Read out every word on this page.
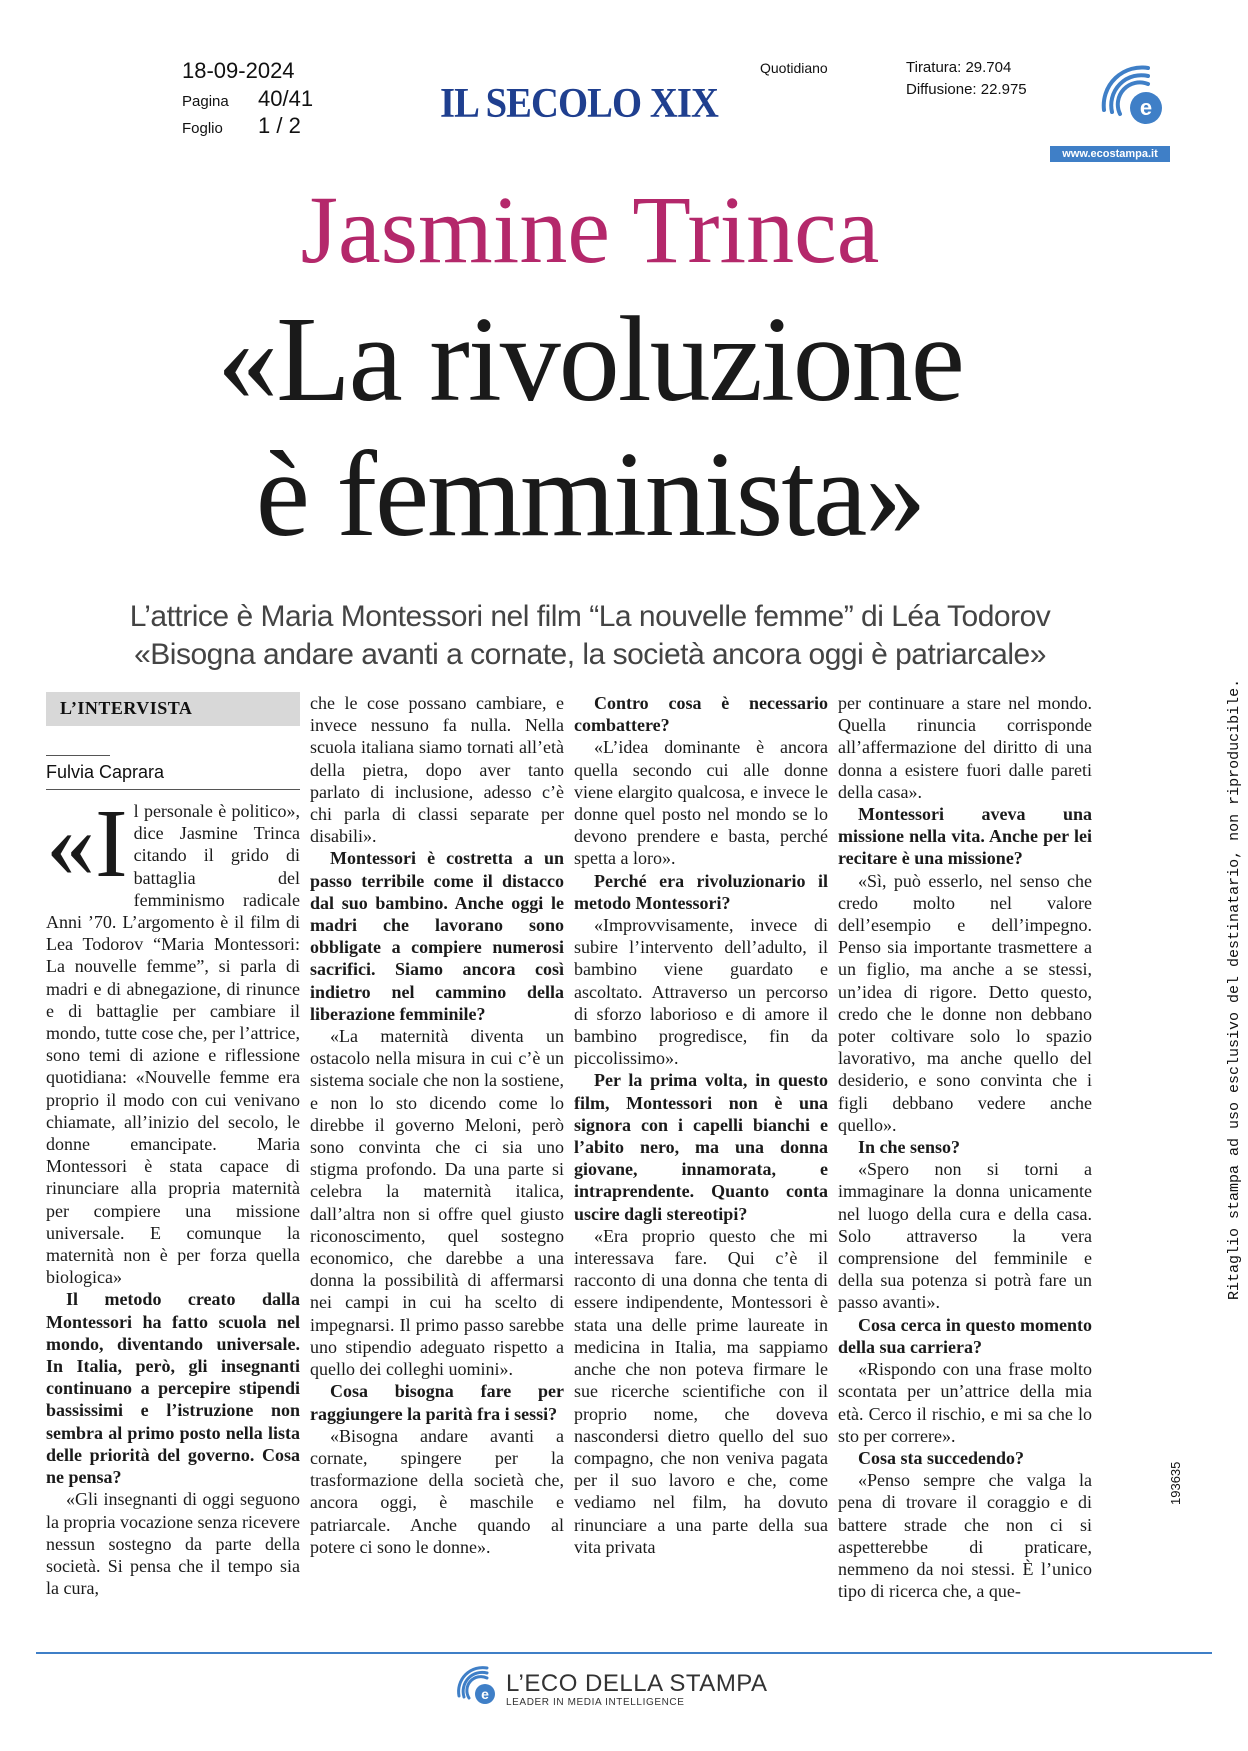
18-09-2024
Pagina 40/41
Foglio 1 / 2	IL SECOLO XIX
Quotidiano	Tiratura: 29.704
Diffusione: 22.975
e
www.ecostampa.it
Jasmine Trinca
«La rivoluzione
è femminista»
L’attrice è Maria Montessori nel film “La nouvelle femme” di Léa Todorov
«Bisogna andare avanti a cornate, la società ancora oggi è patriarcale»
L’INTERVISTA
Fulvia Caprara

«Il personale è politico», dice Jasmine Trinca citando il grido di battaglia del femminismo radicale Anni ’70. L’argomento è il film di Lea Todorov “Maria Montessori: La nouvelle femme”, si parla di madri e di abnegazione, di rinunce e di battaglie per cambiare il mondo, tutte cose che, per l’attrice, sono temi di azione e riflessione quotidiana: «Nouvelle femme era proprio il modo con cui venivano chiamate, all’inizio del secolo, le donne emancipate. Maria Montessori è stata capace di rinunciare alla propria maternità per compiere una missione universale. E comunque la maternità non è per forza quella biologica»

Il metodo creato dalla Montessori ha fatto scuola nel mondo, diventando universale. In Italia, però, gli insegnanti continuano a percepire stipendi bassissimi e l’istruzione non sembra al primo posto nella lista delle priorità del governo. Cosa ne pensa?

«Gli insegnanti di oggi seguono la propria vocazione senza ricevere nessun sostegno da parte della società. Si pensa che il tempo sia la cura,

che le cose possano cambiare, e invece nessuno fa nulla. Nella scuola italiana siamo tornati all’età della pietra, dopo aver tanto parlato di inclusione, adesso c’è chi parla di classi separate per disabili».

Montessori è costretta a un passo terribile come il distacco dal suo bambino. Anche oggi le madri che lavorano sono obbligate a compiere numerosi sacrifici. Siamo ancora così indietro nel cammino della liberazione femminile?

«La maternità diventa un ostacolo nella misura in cui c’è un sistema sociale che non la sostiene, e non lo sto dicendo come lo direbbe il governo Meloni, però sono convinta che ci sia uno stigma profondo. Da una parte si celebra la maternità italica, dall’altra non si offre quel giusto riconoscimento, quel sostegno economico, che darebbe a una donna la possibilità di affermarsi nei campi in cui ha scelto di impegnarsi. Il primo passo sarebbe uno stipendio adeguato rispetto a quello dei colleghi uomini».

Cosa bisogna fare per raggiungere la parità fra i sessi?

«Bisogna andare avanti a cornate, spingere per la trasformazione della società che, ancora oggi, è maschile e patriarcale. Anche quando al potere ci sono le donne».

Contro cosa è necessario combattere?

«L’idea dominante è ancora quella secondo cui alle donne viene elargito qualcosa, e invece le donne quel posto nel mondo se lo devono prendere e basta, perché spetta a loro».

Perché era rivoluzionario il metodo Montessori?

«Improvvisamente, invece di subire l’intervento dell’adulto, il bambino viene guardato e ascoltato. Attraverso un percorso di sforzo laborioso e di amore il bambino progredisce, fin da piccolissimo».

Per la prima volta, in questo film, Montessori non è una signora con i capelli bianchi e l’abito nero, ma una donna giovane, innamorata, e intraprendente. Quanto conta uscire dagli stereotipi?

«Era proprio questo che mi interessava fare. Qui c’è il racconto di una donna che tenta di essere indipendente, Montessori è stata una delle prime laureate in medicina in Italia, ma sappiamo anche che non poteva firmare le sue ricerche scientifiche con il proprio nome, che doveva nascondersi dietro quello del suo compagno, che non veniva pagata per il suo lavoro e che, come vediamo nel film, ha dovuto rinunciare a una parte della sua vita privata

per continuare a stare nel mondo. Quella rinuncia corrisponde all’affermazione del diritto di una donna a esistere fuori dalle pareti della casa».

Montessori aveva una missione nella vita. Anche per lei recitare è una missione?

«Sì, può esserlo, nel senso che credo molto nel valore dell’esempio e dell’impegno. Penso sia importante trasmettere a un figlio, ma anche a se stessi, un’idea di rigore. Detto questo, credo che le donne non debbano poter coltivare solo lo spazio lavorativo, ma anche quello del desiderio, e sono convinta che i figli debbano vedere anche quello».

In che senso?

«Spero non si torni a immaginare la donna unicamente nel luogo della cura e della casa. Solo attraverso la vera comprensione del femminile e della sua potenza si potrà fare un passo avanti».

Cosa cerca in questo momento della sua carriera?

«Rispondo con una frase molto scontata per un’attrice della mia età. Cerco il rischio, e mi sa che lo sto per correre».

Cosa sta succedendo?

«Penso sempre che valga la pena di trovare il coraggio e di battere strade che non ci si aspetterebbe di praticare, nemmeno da noi stessi. È l’unico tipo di ricerca che, a que-

Ritaglio stampa ad uso esclusivo del destinatario, non riproducibile.
193635
e L’ECO DELLA STAMPA
LEADER IN MEDIA INTELLIGENCE
